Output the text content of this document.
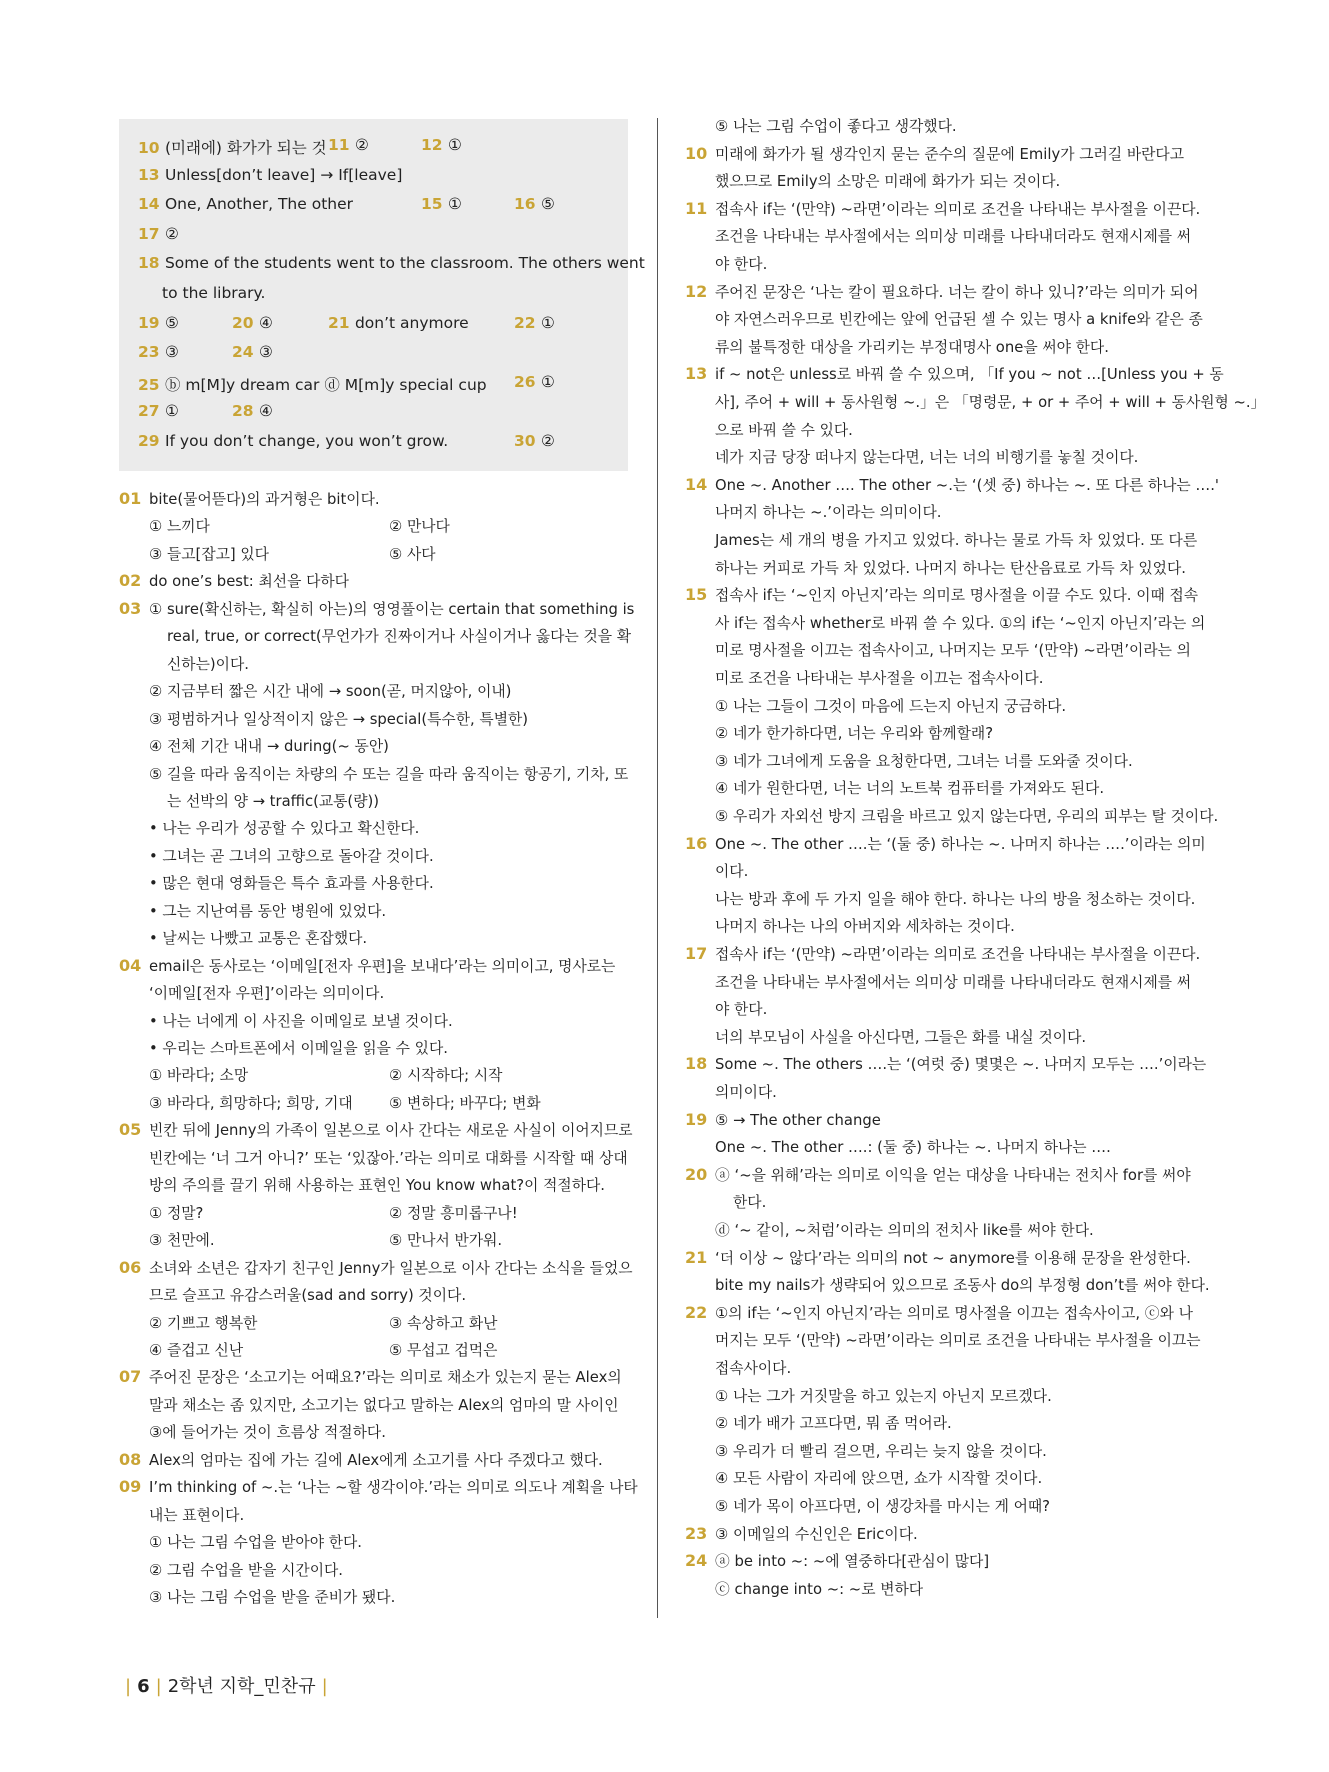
10 (미래에) 화가가 되는 것 11 ②	12 ①
13 Unless[don’t leave] → If[leave]
14 One, Another, The other	15 ①	16 ⑤
17 ②
18 Some of the students went to the classroom. The others went
to the library.
19 ⑤	20 ④	21 don’t anymore	22 ①
23 ③	24 ③
25 ⓑ m[M]y dream car ⓓ M[m]y special cup 26 ①
27 ①	28 ④
29 If you don’t change, you won’t grow.	30 ②
01 bite(물어뜯다)의 과거형은 bit이다.
① 느끼다	② 만나다
③ 들고[잡고] 있다	⑤ 사다
02 do one’s best: 최선을 다하다
03 ① sure(확신하는, 확실히 아는)의 영영풀이는 certain that something is
real, true, or correct(무언가가 진짜이거나 사실이거나 옳다는 것을 확
신하는)이다.
② 지금부터 짧은 시간 내에 → soon(곧, 머지않아, 이내)
③ 평범하거나 일상적이지 않은 → special(특수한, 특별한)
④ 전체 기간 내내 → during(~ 동안)
⑤ 길을 따라 움직이는 차량의 수 또는 길을 따라 움직이는 항공기, 기차, 또
는 선박의 양 → traffic(교통(량))
• 나는 우리가 성공할 수 있다고 확신한다.
• 그녀는 곧 그녀의 고향으로 돌아갈 것이다.
• 많은 현대 영화들은 특수 효과를 사용한다.
• 그는 지난여름 동안 병원에 있었다.
• 날씨는 나빴고 교통은 혼잡했다.
04 email은 동사로는 ‘이메일[전자 우편]을 보내다’라는 의미이고, 명사로는
‘이메일[전자 우편]’이라는 의미이다.
• 나는 너에게 이 사진을 이메일로 보낼 것이다.
• 우리는 스마트폰에서 이메일을 읽을 수 있다.
① 바라다; 소망	② 시작하다; 시작
③ 바라다, 희망하다; 희망, 기대 ⑤ 변하다; 바꾸다; 변화
05 빈칸 뒤에 Jenny의 가족이 일본으로 이사 간다는 새로운 사실이 이어지므로
빈칸에는 ‘너 그거 아니?’ 또는 ‘있잖아.’라는 의미로 대화를 시작할 때 상대
방의 주의를 끌기 위해 사용하는 표현인 You know what?이 적절하다.
① 정말?	② 정말 흥미롭구나!
③ 천만에.	⑤ 만나서 반가워.
06 소녀와 소년은 갑자기 친구인 Jenny가 일본으로 이사 간다는 소식을 들었으
므로 슬프고 유감스러울(sad and sorry) 것이다.
② 기쁘고 행복한	③ 속상하고 화난
④ 즐겁고 신난	⑤ 무섭고 겁먹은
07 주어진 문장은 ‘소고기는 어때요?’라는 의미로 채소가 있는지 묻는 Alex의
말과 채소는 좀 있지만, 소고기는 없다고 말하는 Alex의 엄마의 말 사이인
③에 들어가는 것이 흐름상 적절하다.
08 Alex의 엄마는 집에 가는 길에 Alex에게 소고기를 사다 주겠다고 했다.
09 I’m thinking of ~.는 ‘나는 ~할 생각이야.’라는 의미로 의도나 계획을 나타
내는 표현이다.
① 나는 그림 수업을 받아야 한다.
② 그림 수업을 받을 시간이다.
③ 나는 그림 수업을 받을 준비가 됐다.
⑤ 나는 그림 수업이 좋다고 생각했다.
10 미래에 화가가 될 생각인지 묻는 준수의 질문에 Emily가 그러길 바란다고
했으므로 Emily의 소망은 미래에 화가가 되는 것이다.
11 접속사 if는 ‘(만약) ~라면’이라는 의미로 조건을 나타내는 부사절을 이끈다.
조건을 나타내는 부사절에서는 의미상 미래를 나타내더라도 현재시제를 써
야 한다.
12 주어진 문장은 ‘나는 칼이 필요하다. 너는 칼이 하나 있니?’라는 의미가 되어
야 자연스러우므로 빈칸에는 앞에 언급된 셀 수 있는 명사 a knife와 같은 종
류의 불특정한 대상을 가리키는 부정대명사 one을 써야 한다.
13 if ~ not은 unless로 바꿔 쓸 수 있으며, 「If you ~ not …[Unless you + 동
사], 주어 + will + 동사원형 ~.」은 「명령문, + or + 주어 + will + 동사원형 ~.」
으로 바꿔 쓸 수 있다.
네가 지금 당장 떠나지 않는다면, 너는 너의 비행기를 놓칠 것이다.
14 One ~. Another …. The other ~.는 ‘(셋 중) 하나는 ~. 또 다른 하나는 ….'
나머지 하나는 ~.’이라는 의미이다.
James는 세 개의 병을 가지고 있었다. 하나는 물로 가득 차 있었다. 또 다른
하나는 커피로 가득 차 있었다. 나머지 하나는 탄산음료로 가득 차 있었다.
15 접속사 if는 ‘~인지 아닌지’라는 의미로 명사절을 이끌 수도 있다. 이때 접속
사 if는 접속사 whether로 바꿔 쓸 수 있다. ①의 if는 ‘~인지 아닌지’라는 의
미로 명사절을 이끄는 접속사이고, 나머지는 모두 ‘(만약) ~라면’이라는 의
미로 조건을 나타내는 부사절을 이끄는 접속사이다.
① 나는 그들이 그것이 마음에 드는지 아닌지 궁금하다.
② 네가 한가하다면, 너는 우리와 함께할래?
③ 네가 그녀에게 도움을 요청한다면, 그녀는 너를 도와줄 것이다.
④ 네가 원한다면, 너는 너의 노트북 컴퓨터를 가져와도 된다.
⑤ 우리가 자외선 방지 크림을 바르고 있지 않는다면, 우리의 피부는 탈 것이다.
16 One ~. The other ….는 ‘(둘 중) 하나는 ~. 나머지 하나는 ….’이라는 의미
이다.
나는 방과 후에 두 가지 일을 해야 한다. 하나는 나의 방을 청소하는 것이다.
나머지 하나는 나의 아버지와 세차하는 것이다.
17 접속사 if는 ‘(만약) ~라면’이라는 의미로 조건을 나타내는 부사절을 이끈다.
조건을 나타내는 부사절에서는 의미상 미래를 나타내더라도 현재시제를 써
야 한다.
너의 부모님이 사실을 아신다면, 그들은 화를 내실 것이다.
18 Some ~. The others ….는 ‘(여럿 중) 몇몇은 ~. 나머지 모두는 ….’이라는
의미이다.
19 ⑤ → The other change
One ~. The other ….: (둘 중) 하나는 ~. 나머지 하나는 ….
20 ⓐ ‘~을 위해’라는 의미로 이익을 얻는 대상을 나타내는 전치사 for를 써야
한다.
ⓓ ‘~ 같이, ~처럼’이라는 의미의 전치사 like를 써야 한다.
21 ‘더 이상 ~ 않다’라는 의미의 not ~ anymore를 이용해 문장을 완성한다.
bite my nails가 생략되어 있으므로 조동사 do의 부정형 don’t를 써야 한다.
22 ①의 if는 ‘~인지 아닌지’라는 의미로 명사절을 이끄는 접속사이고, ⓒ와 나
머지는 모두 ‘(만약) ~라면’이라는 의미로 조건을 나타내는 부사절을 이끄는
접속사이다.
① 나는 그가 거짓말을 하고 있는지 아닌지 모르겠다.
② 네가 배가 고프다면, 뭐 좀 먹어라.
③ 우리가 더 빨리 걸으면, 우리는 늦지 않을 것이다.
④ 모든 사람이 자리에 앉으면, 쇼가 시작할 것이다.
⑤ 네가 목이 아프다면, 이 생강차를 마시는 게 어때?
23 ③ 이메일의 수신인은 Eric이다.
24 ⓐ be into ~: ~에 열중하다[관심이 많다]
ⓒ change into ~: ~로 변하다
| 6 | 2학년 지학_민찬규 |
